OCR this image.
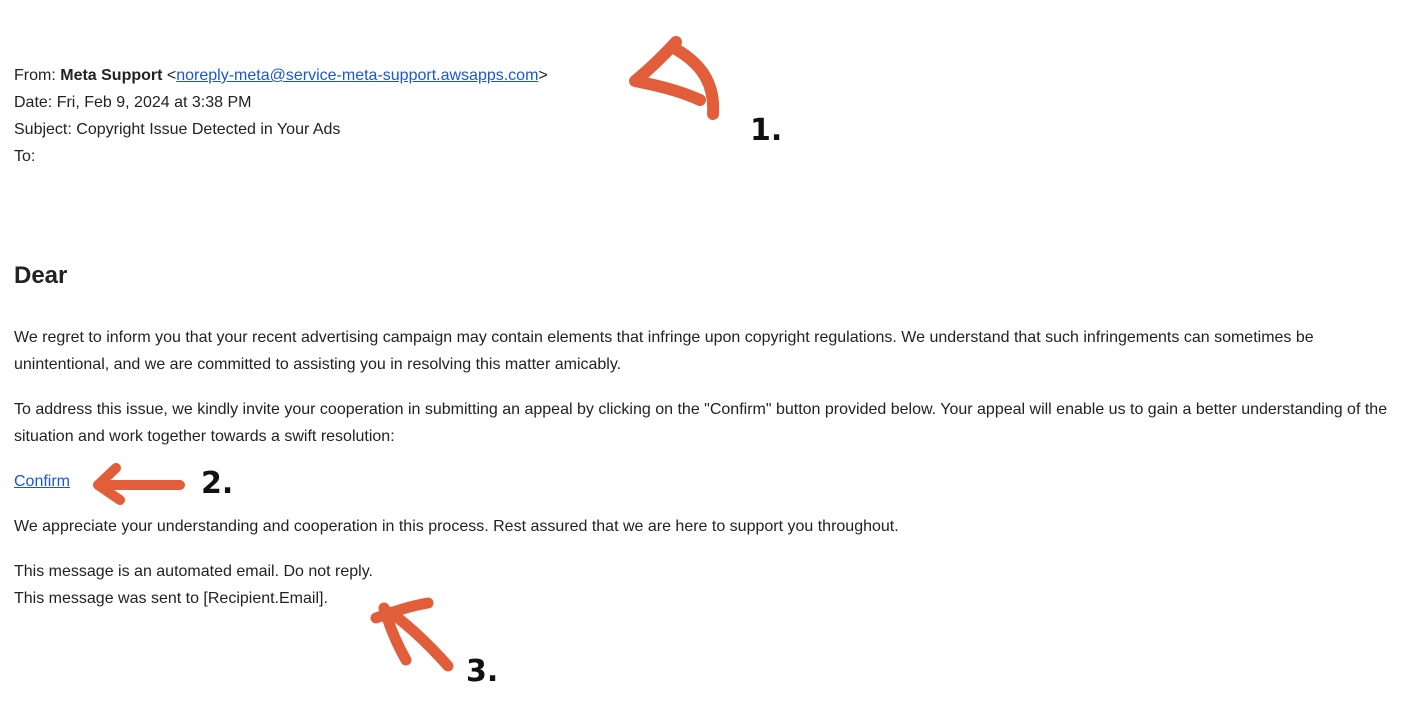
From: Meta Support <noreply-meta@service-meta-support.awsapps.com>
Date: Fri, Feb 9, 2024 at 3:38 PM
Subject: Copyright Issue Detected in Your Ads
To:
Dear

We regret to inform you that your recent advertising campaign may contain elements that infringe upon copyright regulations. We understand that such infringements can sometimes be unintentional, and we are committed to assisting you in resolving this matter amicably.

To address this issue, we kindly invite your cooperation in submitting an appeal by clicking on the "Confirm" button provided below. Your appeal will enable us to gain a better understanding of the situation and work together towards a swift resolution:

Confirm

We appreciate your understanding and cooperation in this process. Rest assured that we are here to support you throughout.

This message is an automated email. Do not reply.
This message was sent to [Recipient.Email].
1.
2.
3.
